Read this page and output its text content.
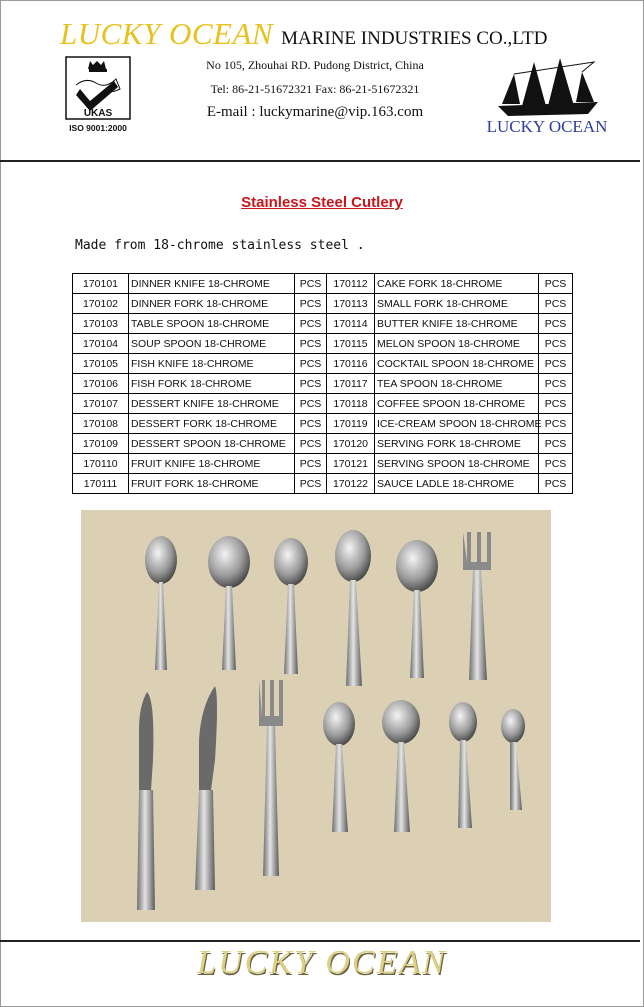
LUCKY OCEAN MARINE INDUSTRIES CO.,LTD
UKAS
ISO 9001:2000
No 105, Zhouhai RD. Pudong District, China
Tel: 86-21-51672321 Fax: 86-21-51672321
E-mail : luckymarine@vip.163.com
LUCKY OCEAN
Stainless Steel Cutlery
Made from 18-chrome stainless steel .
170101	DINNER KNIFE 18-CHROME	PCS	170112	CAKE FORK 18-CHROME	PCS
170102	DINNER FORK 18-CHROME	PCS	170113	SMALL FORK 18-CHROME	PCS
170103	TABLE SPOON 18-CHROME	PCS	170114	BUTTER KNIFE 18-CHROME	PCS
170104	SOUP SPOON 18-CHROME	PCS	170115	MELON SPOON 18-CHROME	PCS
170105	FISH KNIFE 18-CHROME	PCS	170116	COCKTAIL SPOON 18-CHROME	PCS
170106	FISH FORK 18-CHROME	PCS	170117	TEA SPOON 18-CHROME	PCS
170107	DESSERT KNIFE 18-CHROME	PCS	170118	COFFEE SPOON 18-CHROME	PCS
170108	DESSERT FORK 18-CHROME	PCS	170119	ICE-CREAM SPOON 18-CHROME	PCS
170109	DESSERT SPOON 18-CHROME	PCS	170120	SERVING FORK 18-CHROME	PCS
170110	FRUIT KNIFE 18-CHROME	PCS	170121	SERVING SPOON 18-CHROME	PCS
170111	FRUIT FORK 18-CHROME	PCS	170122	SAUCE LADLE 18-CHROME	PCS
LUCKY OCEAN
